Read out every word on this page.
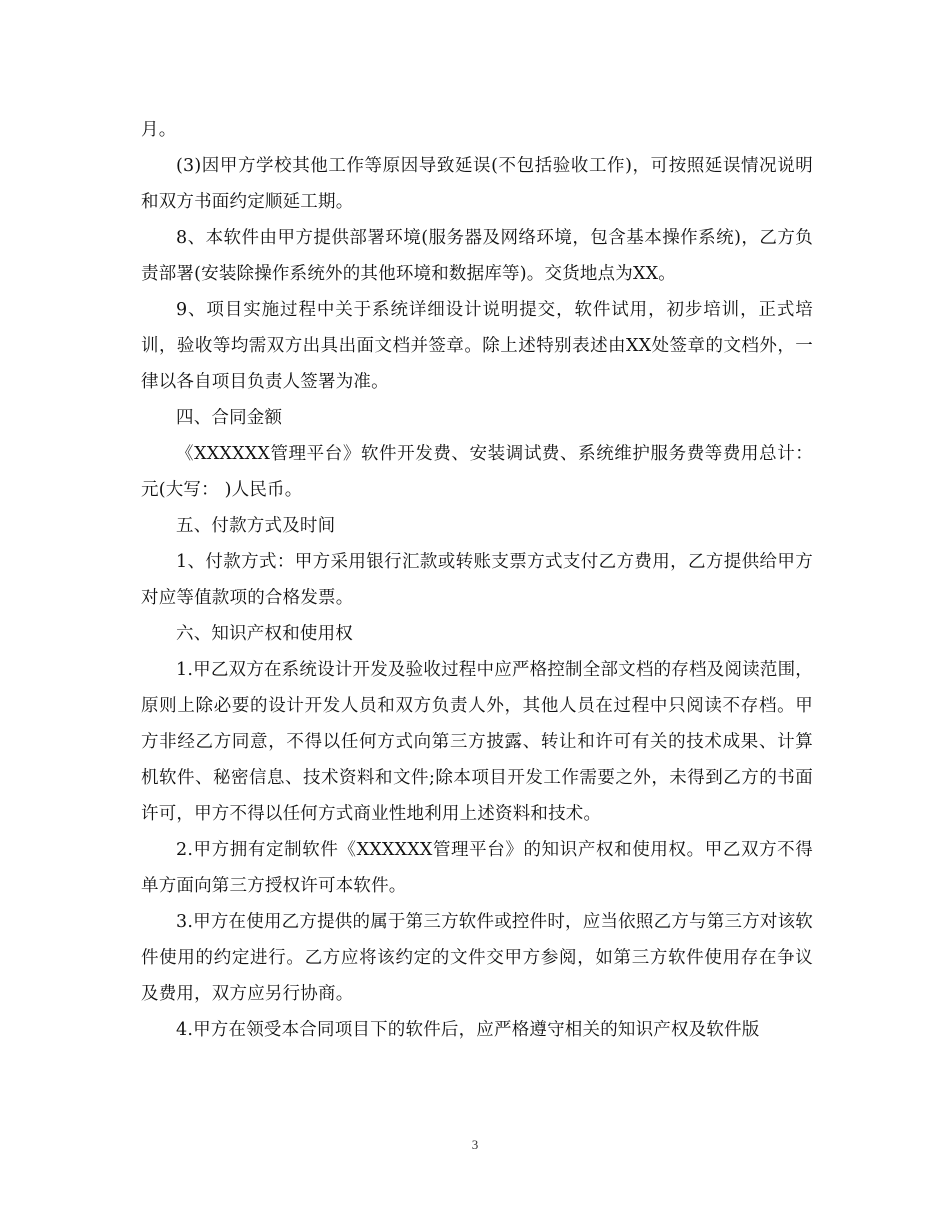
月。

(3)因甲方学校其他工作等原因导致延误(不包括验收工作)，可按照延误情况说明和双方书面约定顺延工期。

8、本软件由甲方提供部署环境(服务器及网络环境，包含基本操作系统)，乙方负责部署(安装除操作系统外的其他环境和数据库等)。交货地点为XX。

9、项目实施过程中关于系统详细设计说明提交，软件试用，初步培训，正式培训，验收等均需双方出具出面文档并签章。除上述特别表述由XX处签章的文档外，一律以各自项目负责人签署为准。

四、合同金额

《XXXXXX管理平台》软件开发费、安装调试费、系统维护服务费等费用总计： 元(大写： )人民币。

五、付款方式及时间

1、付款方式：甲方采用银行汇款或转账支票方式支付乙方费用，乙方提供给甲方对应等值款项的合格发票。

六、知识产权和使用权

1.甲乙双方在系统设计开发及验收过程中应严格控制全部文档的存档及阅读范围，原则上除必要的设计开发人员和双方负责人外，其他人员在过程中只阅读不存档。甲方非经乙方同意，不得以任何方式向第三方披露、转让和许可有关的技术成果、计算机软件、秘密信息、技术资料和文件;除本项目开发工作需要之外，未得到乙方的书面许可，甲方不得以任何方式商业性地利用上述资料和技术。

2.甲方拥有定制软件《XXXXXX管理平台》的知识产权和使用权。甲乙双方不得单方面向第三方授权许可本软件。

3.甲方在使用乙方提供的属于第三方软件或控件时，应当依照乙方与第三方对该软件使用的约定进行。乙方应将该约定的文件交甲方参阅，如第三方软件使用存在争议及费用，双方应另行协商。

4.甲方在领受本合同项目下的软件后，应严格遵守相关的知识产权及软件版

3
